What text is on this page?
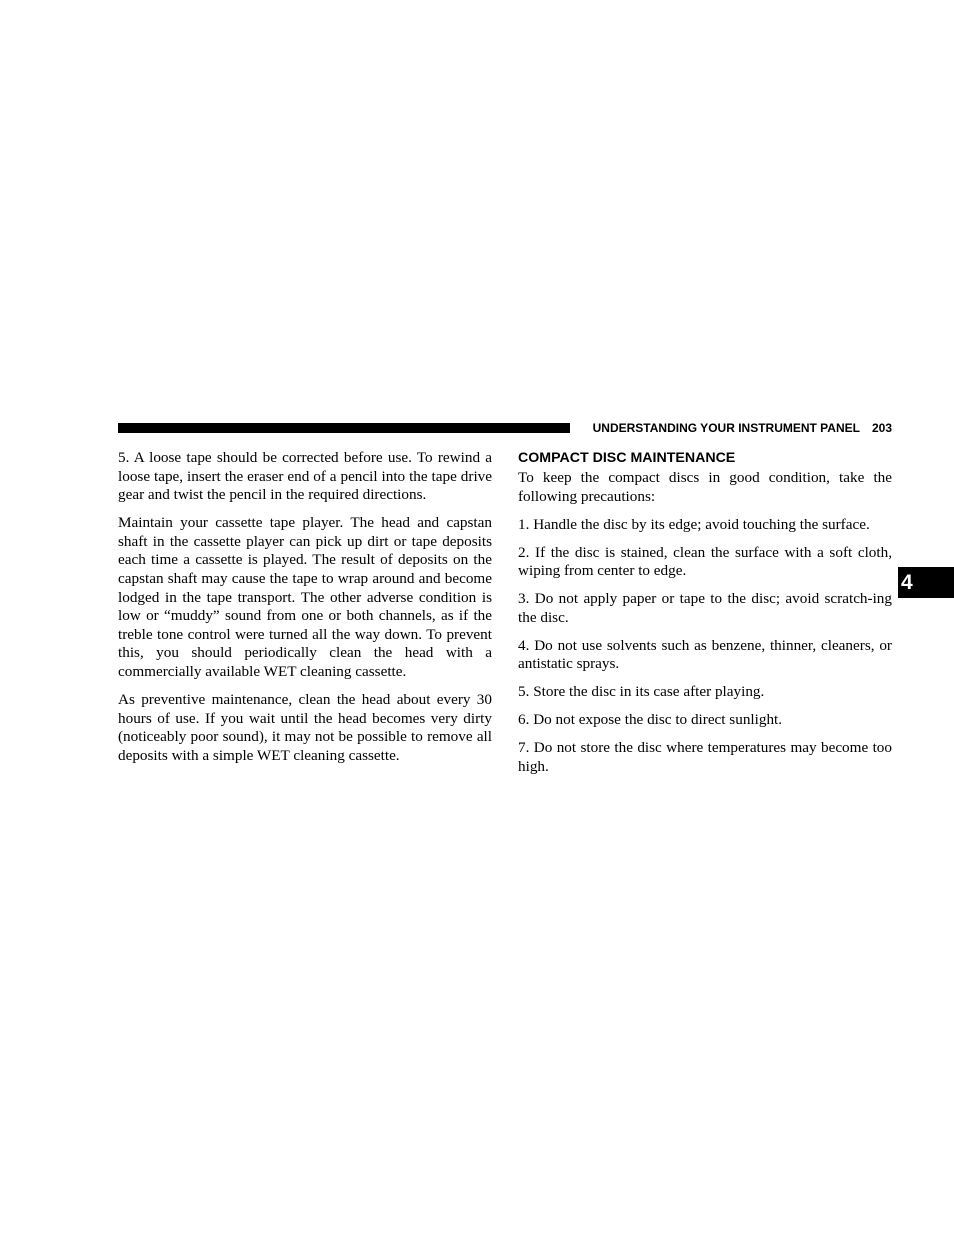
UNDERSTANDING YOUR INSTRUMENT PANEL 203
4

5. A loose tape should be corrected before use. To rewind a loose tape, insert the eraser end of a pencil into the tape drive gear and twist the pencil in the required directions.

Maintain your cassette tape player. The head and capstan shaft in the cassette player can pick up dirt or tape deposits each time a cassette is played. The result of deposits on the capstan shaft may cause the tape to wrap around and become lodged in the tape transport. The other adverse condition is low or “muddy” sound from one or both channels, as if the treble tone control were turned all the way down. To prevent this, you should periodically clean the head with a commercially available WET cleaning cassette.

As preventive maintenance, clean the head about every 30 hours of use. If you wait until the head becomes very dirty (noticeably poor sound), it may not be possible to remove all deposits with a simple WET cleaning cassette.

COMPACT DISC MAINTENANCE

To keep the compact discs in good condition, take the following precautions:

1. Handle the disc by its edge; avoid touching the surface.

2. If the disc is stained, clean the surface with a soft cloth, wiping from center to edge.

3. Do not apply paper or tape to the disc; avoid scratch-ing the disc.

4. Do not use solvents such as benzene, thinner, cleaners, or antistatic sprays.

5. Store the disc in its case after playing.

6. Do not expose the disc to direct sunlight.

7. Do not store the disc where temperatures may become too high.
